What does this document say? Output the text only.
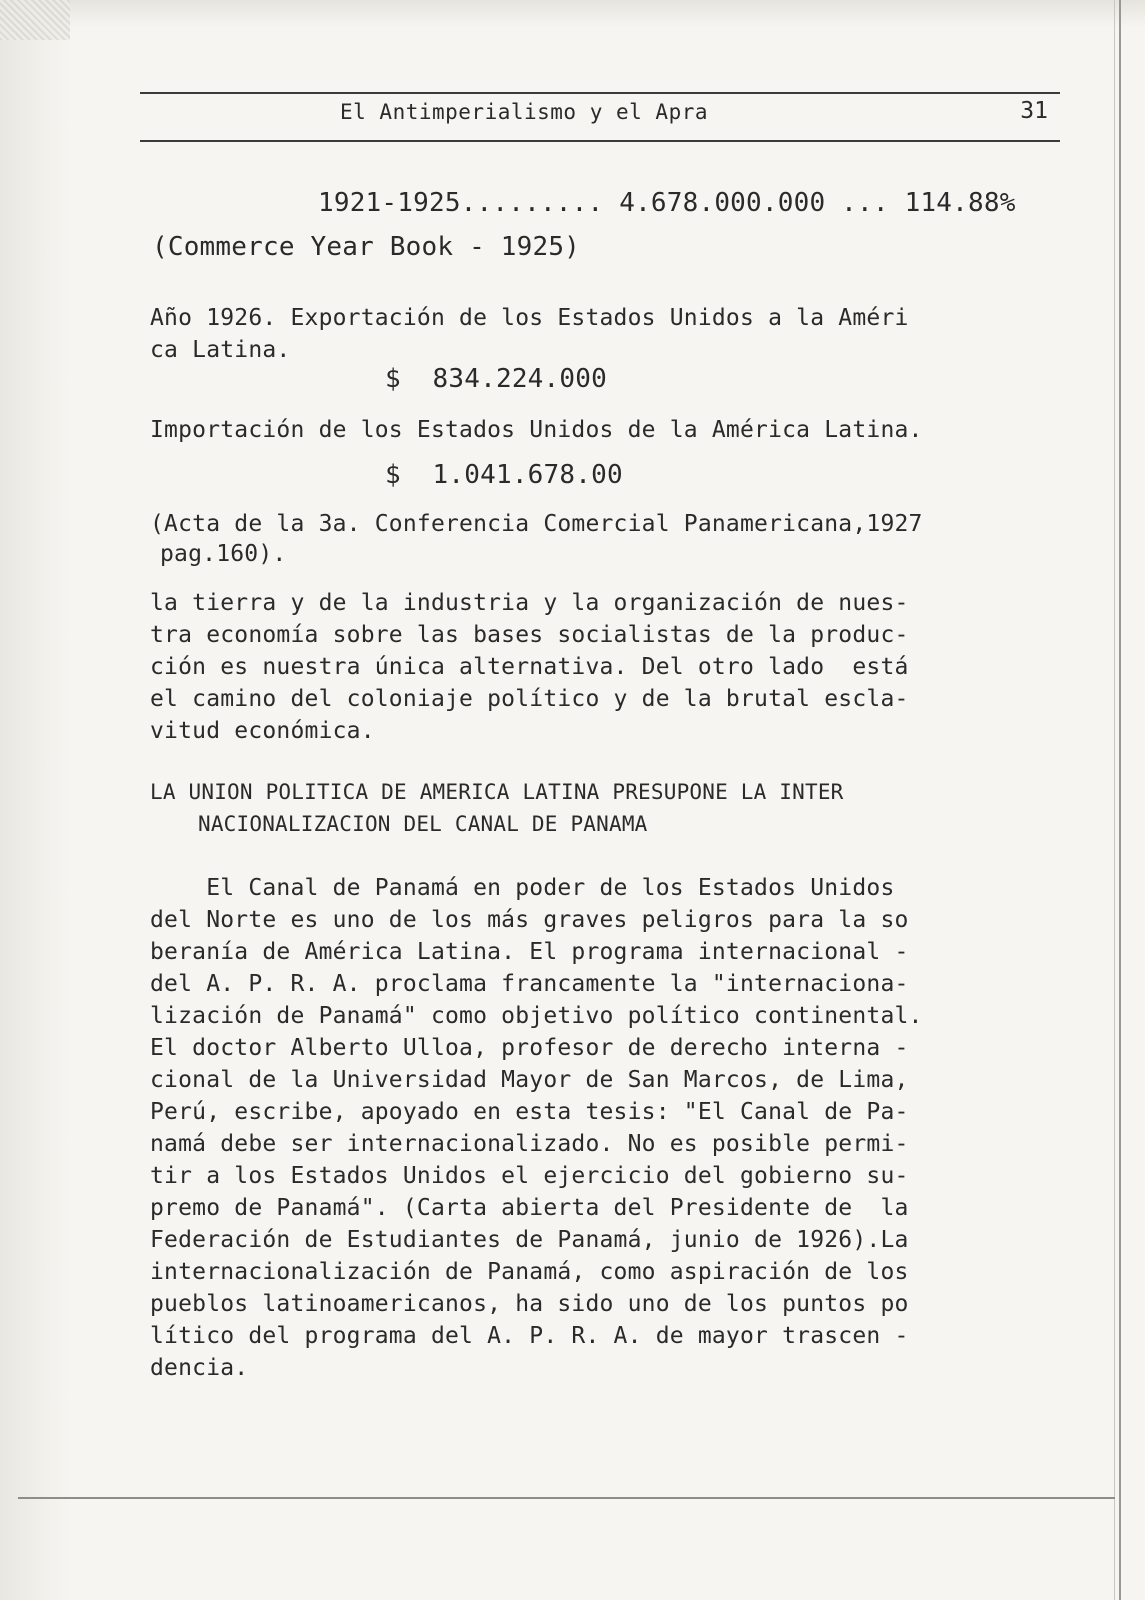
El Antimperialismo y el Apra	31
1921-1925......... 4.678.000.000 ... 114.88%
(Commerce Year Book - 1925)
Año 1926. Exportación de los Estados Unidos a la Améri
ca Latina.
$  834.224.000
Importación de los Estados Unidos de la América Latina.
$  1.041.678.00
(Acta de la 3a. Conferencia Comercial Panamericana,1927
pag.160).
la tierra y de la industria y la organización de nues-
tra economía sobre las bases socialistas de la produc-
ción es nuestra única alternativa. Del otro lado  está
el camino del coloniaje político y de la brutal escla-
vitud económica.
LA UNION POLITICA DE AMERICA LATINA PRESUPONE LA INTER
NACIONALIZACION DEL CANAL DE PANAMA
El Canal de Panamá en poder de los Estados Unidos
del Norte es uno de los más graves peligros para la so
beranía de América Latina. El programa internacional -
del A. P. R. A. proclama francamente la "internaciona-
lización de Panamá" como objetivo político continental.
El doctor Alberto Ulloa, profesor de derecho interna -
cional de la Universidad Mayor de San Marcos, de Lima,
Perú, escribe, apoyado en esta tesis: "El Canal de Pa-
namá debe ser internacionalizado. No es posible permi-
tir a los Estados Unidos el ejercicio del gobierno su-
premo de Panamá". (Carta abierta del Presidente de  la
Federación de Estudiantes de Panamá, junio de 1926).La
internacionalización de Panamá, como aspiración de los
pueblos latinoamericanos, ha sido uno de los puntos po
lítico del programa del A. P. R. A. de mayor trascen -
dencia.
